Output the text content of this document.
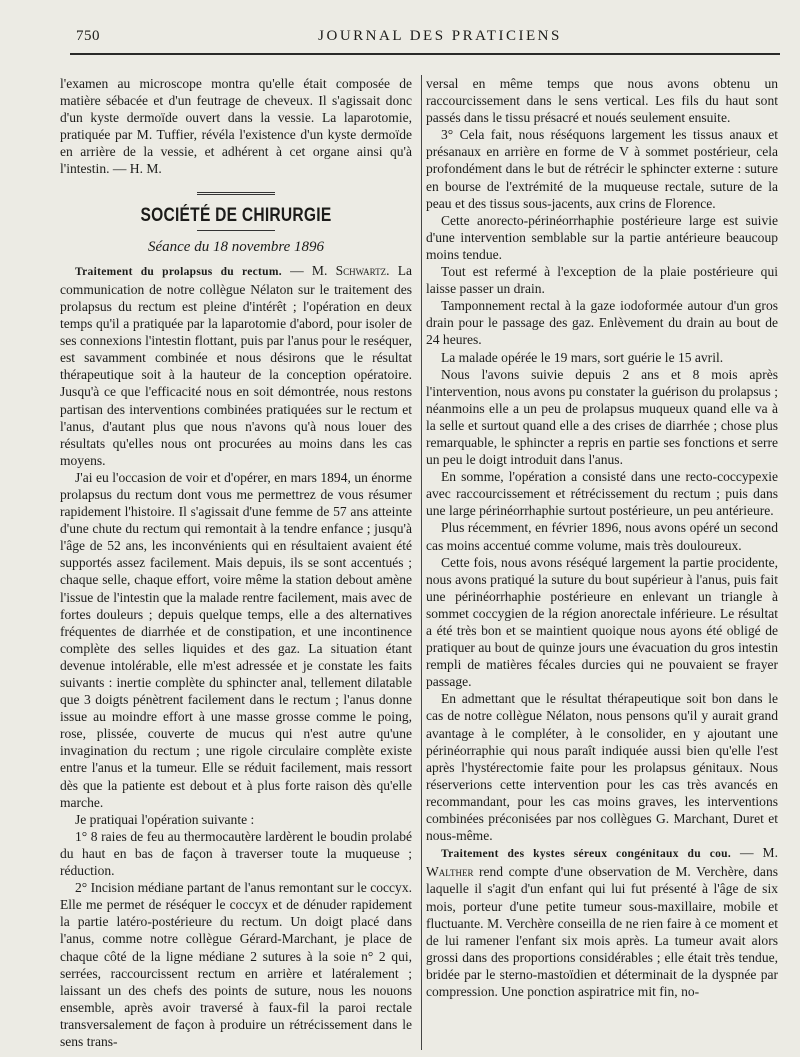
750	JOURNAL DES PRATICIENS

l'examen au microscope montra qu'elle était composée de matière sébacée et d'un feutrage de cheveux. Il s'agissait donc d'un kyste dermoïde ouvert dans la vessie. La laparotomie, pratiquée par M. Tuffier, révéla l'existence d'un kyste dermoïde en arrière de la vessie, et adhérent à cet organe ainsi qu'à l'intestin. — H. M.

SOCIÉTÉ DE CHIRURGIE
Séance du 18 novembre 1896

Traitement du prolapsus du rectum. — M. Schwartz. La communication de notre collègue Nélaton sur le traitement des prolapsus du rectum est pleine d'intérêt ; l'opération en deux temps qu'il a pratiquée par la laparotomie d'abord, pour isoler de ses connexions l'intestin flottant, puis par l'anus pour le reséquer, est savamment combinée et nous désirons que le résultat thérapeutique soit à la hauteur de la conception opératoire. Jusqu'à ce que l'efficacité nous en soit démontrée, nous restons partisan des interventions combinées pratiquées sur le rectum et l'anus, d'autant plus que nous n'avons qu'à nous louer des résultats qu'elles nous ont procurées au moins dans les cas moyens.

J'ai eu l'occasion de voir et d'opérer, en mars 1894, un énorme prolapsus du rectum dont vous me permettrez de vous résumer rapidement l'histoire. Il s'agissait d'une femme de 57 ans atteinte d'une chute du rectum qui remontait à la tendre enfance ; jusqu'à l'âge de 52 ans, les inconvénients qui en résultaient avaient été supportés assez facilement. Mais depuis, ils se sont accentués ; chaque selle, chaque effort, voire même la station debout amène l'issue de l'intestin que la malade rentre facilement, mais avec de fortes douleurs ; depuis quelque temps, elle a des alternatives fréquentes de diarrhée et de constipation, et une incontinence complète des selles liquides et des gaz. La situation étant devenue intolérable, elle m'est adressée et je constate les faits suivants : inertie complète du sphincter anal, tellement dilatable que 3 doigts pénètrent facilement dans le rectum ; l'anus donne issue au moindre effort à une masse grosse comme le poing, rose, plissée, couverte de mucus qui n'est autre qu'une invagination du rectum ; une rigole circulaire complète existe entre l'anus et la tumeur. Elle se réduit facilement, mais ressort dès que la patiente est debout et à plus forte raison dès qu'elle marche.

Je pratiquai l'opération suivante :

1° 8 raies de feu au thermocautère lardèrent le boudin prolabé du haut en bas de façon à traverser toute la muqueuse ; réduction.

2° Incision médiane partant de l'anus remontant sur le coccyx. Elle me permet de réséquer le coccyx et de dénuder rapidement la partie latéro-postérieure du rectum. Un doigt placé dans l'anus, comme notre collègue Gérard-Marchant, je place de chaque côté de la ligne médiane 2 sutures à la soie n° 2 qui, serrées, raccourcissent rectum en arrière et latéralement ; laissant un des chefs des points de suture, nous les nouons ensemble, après avoir traversé à faux-fil la paroi rectale transversalement de façon à produire un rétrécissement dans le sens trans-

versal en même temps que nous avons obtenu un raccourcissement dans le sens vertical. Les fils du haut sont passés dans le tissu présacré et noués seulement ensuite.

3° Cela fait, nous réséquons largement les tissus anaux et présanaux en arrière en forme de V à sommet postérieur, cela profondément dans le but de rétrécir le sphincter externe : suture en bourse de l'extrémité de la muqueuse rectale, suture de la peau et des tissus sous-jacents, aux crins de Florence.

Cette anorecto-périnéorrhaphie postérieure large est suivie d'une intervention semblable sur la partie antérieure beaucoup moins tendue.

Tout est refermé à l'exception de la plaie postérieure qui laisse passer un drain.

Tamponnement rectal à la gaze iodoformée autour d'un gros drain pour le passage des gaz. Enlèvement du drain au bout de 24 heures.

La malade opérée le 19 mars, sort guérie le 15 avril.

Nous l'avons suivie depuis 2 ans et 8 mois après l'intervention, nous avons pu constater la guérison du prolapsus ; néanmoins elle a un peu de prolapsus muqueux quand elle va à la selle et surtout quand elle a des crises de diarrhée ; chose plus remarquable, le sphincter a repris en partie ses fonctions et serre un peu le doigt introduit dans l'anus.

En somme, l'opération a consisté dans une recto-coccypexie avec raccourcissement et rétrécissement du rectum ; puis dans une large périnéorrhaphie surtout postérieure, un peu antérieure.

Plus récemment, en février 1896, nous avons opéré un second cas moins accentué comme volume, mais très douloureux.

Cette fois, nous avons réséqué largement la partie procidente, nous avons pratiqué la suture du bout supérieur à l'anus, puis fait une périnéorrhaphie postérieure en enlevant un triangle à sommet coccygien de la région anorectale inférieure. Le résultat a été très bon et se maintient quoique nous ayons été obligé de pratiquer au bout de quinze jours une évacuation du gros intestin rempli de matières fécales durcies qui ne pouvaient se frayer passage.

En admettant que le résultat thérapeutique soit bon dans le cas de notre collègue Nélaton, nous pensons qu'il y aurait grand avantage à le compléter, à le consolider, en y ajoutant une périnéorraphie qui nous paraît indiquée aussi bien qu'elle l'est après l'hystérectomie faite pour les prolapsus génitaux. Nous réserverions cette intervention pour les cas très avancés en recommandant, pour les cas moins graves, les interventions combinées préconisées par nos collègues G. Marchant, Duret et nous-même.

Traitement des kystes séreux congénitaux du cou. — M. Walther rend compte d'une observation de M. Verchère, dans laquelle il s'agit d'un enfant qui lui fut présenté à l'âge de six mois, porteur d'une petite tumeur sous-maxillaire, mobile et fluctuante. M. Verchère conseilla de ne rien faire à ce moment et de lui ramener l'enfant six mois après. La tumeur avait alors grossi dans des proportions considérables ; elle était très tendue, bridée par le sterno-mastoïdien et déterminait de la dyspnée par compression. Une ponction aspiratrice mit fin, no-
